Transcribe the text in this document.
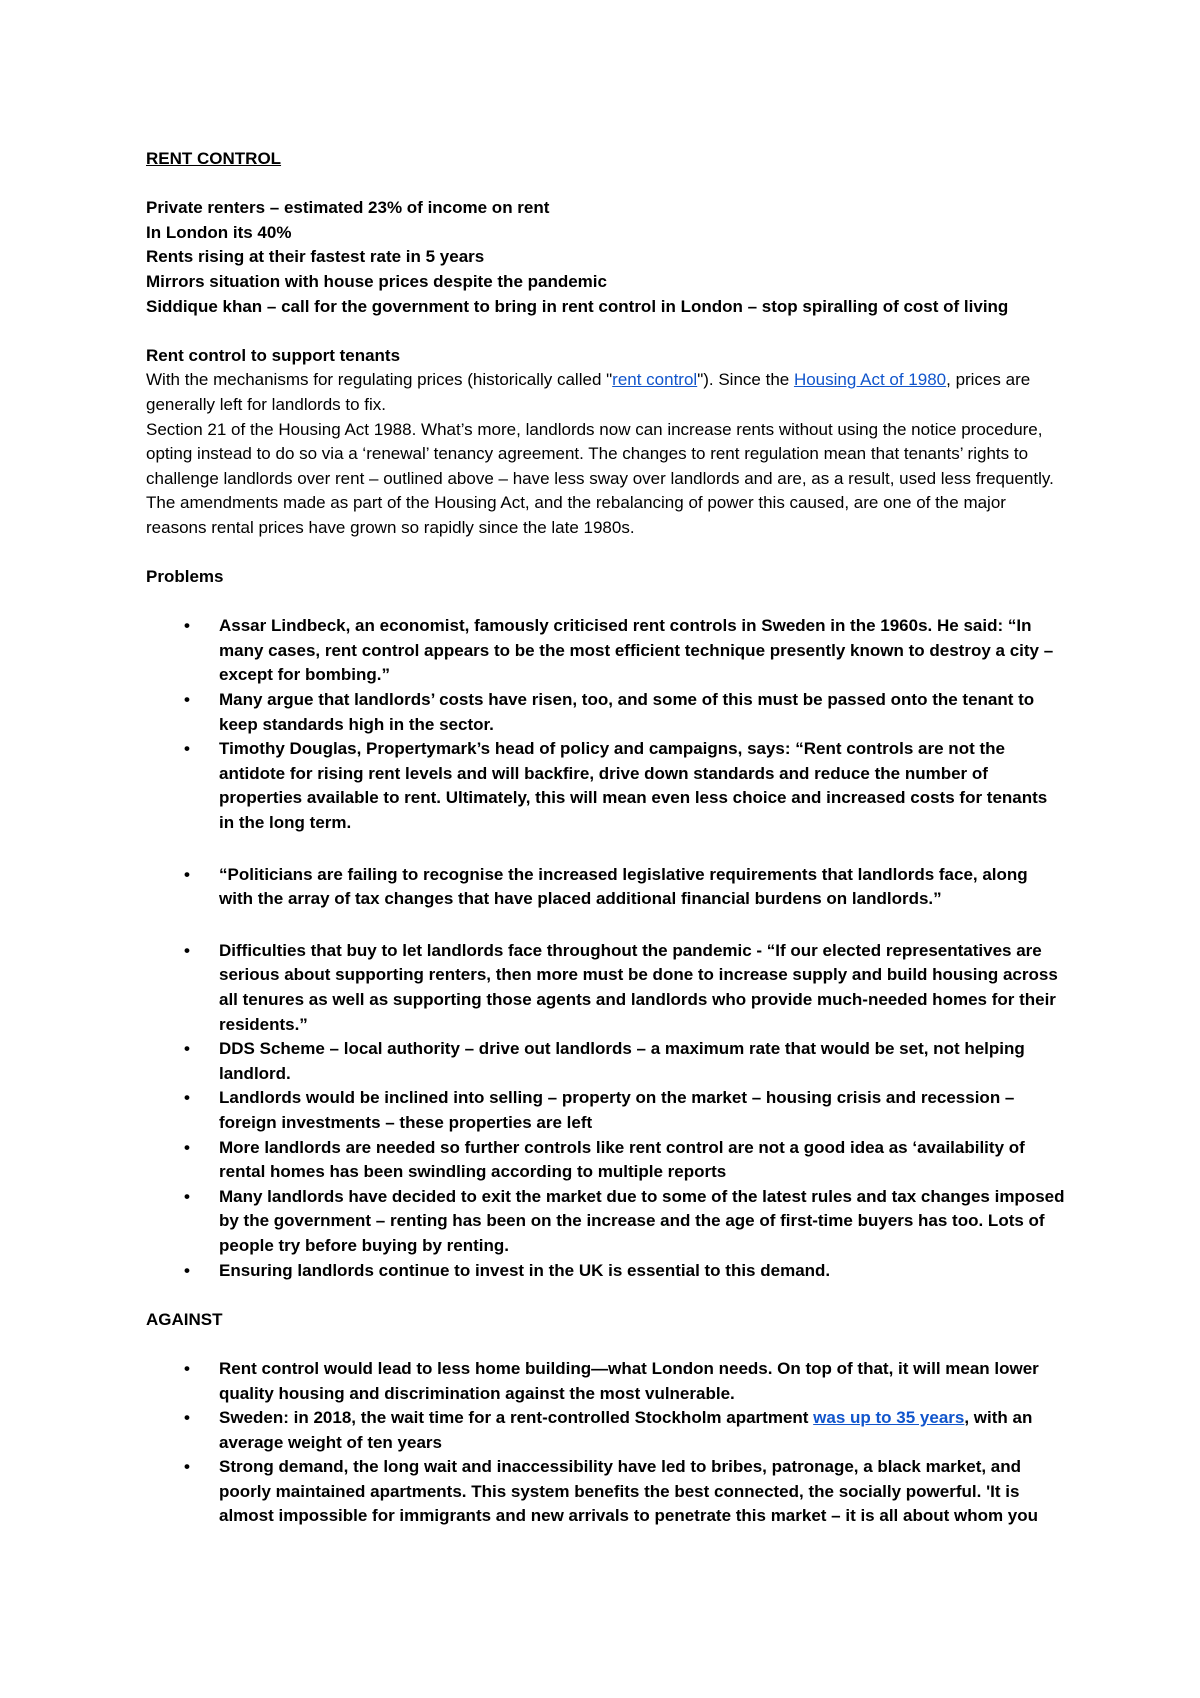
RENT CONTROL

Private renters – estimated 23% of income on rent

In London its 40%

Rents rising at their fastest rate in 5 years

Mirrors situation with house prices despite the pandemic

Siddique khan – call for the government to bring in rent control in London – stop spiralling of cost of living

Rent control to support tenants

With the mechanisms for regulating prices (historically called "rent control"). Since the Housing Act of 1980, prices are generally left for landlords to fix.

Section 21 of the Housing Act 1988. What’s more, landlords now can increase rents without using the notice procedure, opting instead to do so via a ‘renewal’ tenancy agreement. The changes to rent regulation mean that tenants’ rights to challenge landlords over rent – outlined above – have less sway over landlords and are, as a result, used less frequently. The amendments made as part of the Housing Act, and the rebalancing of power this caused, are one of the major reasons rental prices have grown so rapidly since the late 1980s.

Problems

• Assar Lindbeck, an economist, famously criticised rent controls in Sweden in the 1960s. He said: “In many cases, rent control appears to be the most efficient technique presently known to destroy a city – except for bombing.”
• Many argue that landlords’ costs have risen, too, and some of this must be passed onto the tenant to keep standards high in the sector.
• Timothy Douglas, Propertymark’s head of policy and campaigns, says: “Rent controls are not the antidote for rising rent levels and will backfire, drive down standards and reduce the number of properties available to rent. Ultimately, this will mean even less choice and increased costs for tenants in the long term.
• “Politicians are failing to recognise the increased legislative requirements that landlords face, along with the array of tax changes that have placed additional financial burdens on landlords.”
• Difficulties that buy to let landlords face throughout the pandemic - “If our elected representatives are serious about supporting renters, then more must be done to increase supply and build housing across all tenures as well as supporting those agents and landlords who provide much-needed homes for their residents.”
• DDS Scheme – local authority – drive out landlords – a maximum rate that would be set, not helping landlord.
• Landlords would be inclined into selling – property on the market – housing crisis and recession – foreign investments – these properties are left
• More landlords are needed so further controls like rent control are not a good idea as ‘availability of rental homes has been swindling according to multiple reports
• Many landlords have decided to exit the market due to some of the latest rules and tax changes imposed by the government – renting has been on the increase and the age of first-time buyers has too. Lots of people try before buying by renting.
• Ensuring landlords continue to invest in the UK is essential to this demand.

AGAINST

• Rent control would lead to less home building—what London needs. On top of that, it will mean lower quality housing and discrimination against the most vulnerable.
• Sweden: in 2018, the wait time for a rent-controlled Stockholm apartment was up to 35 years, with an average weight of ten years
• Strong demand, the long wait and inaccessibility have led to bribes, patronage, a black market, and poorly maintained apartments. This system benefits the best connected, the socially powerful. 'It is almost impossible for immigrants and new arrivals to penetrate this market – it is all about whom you
